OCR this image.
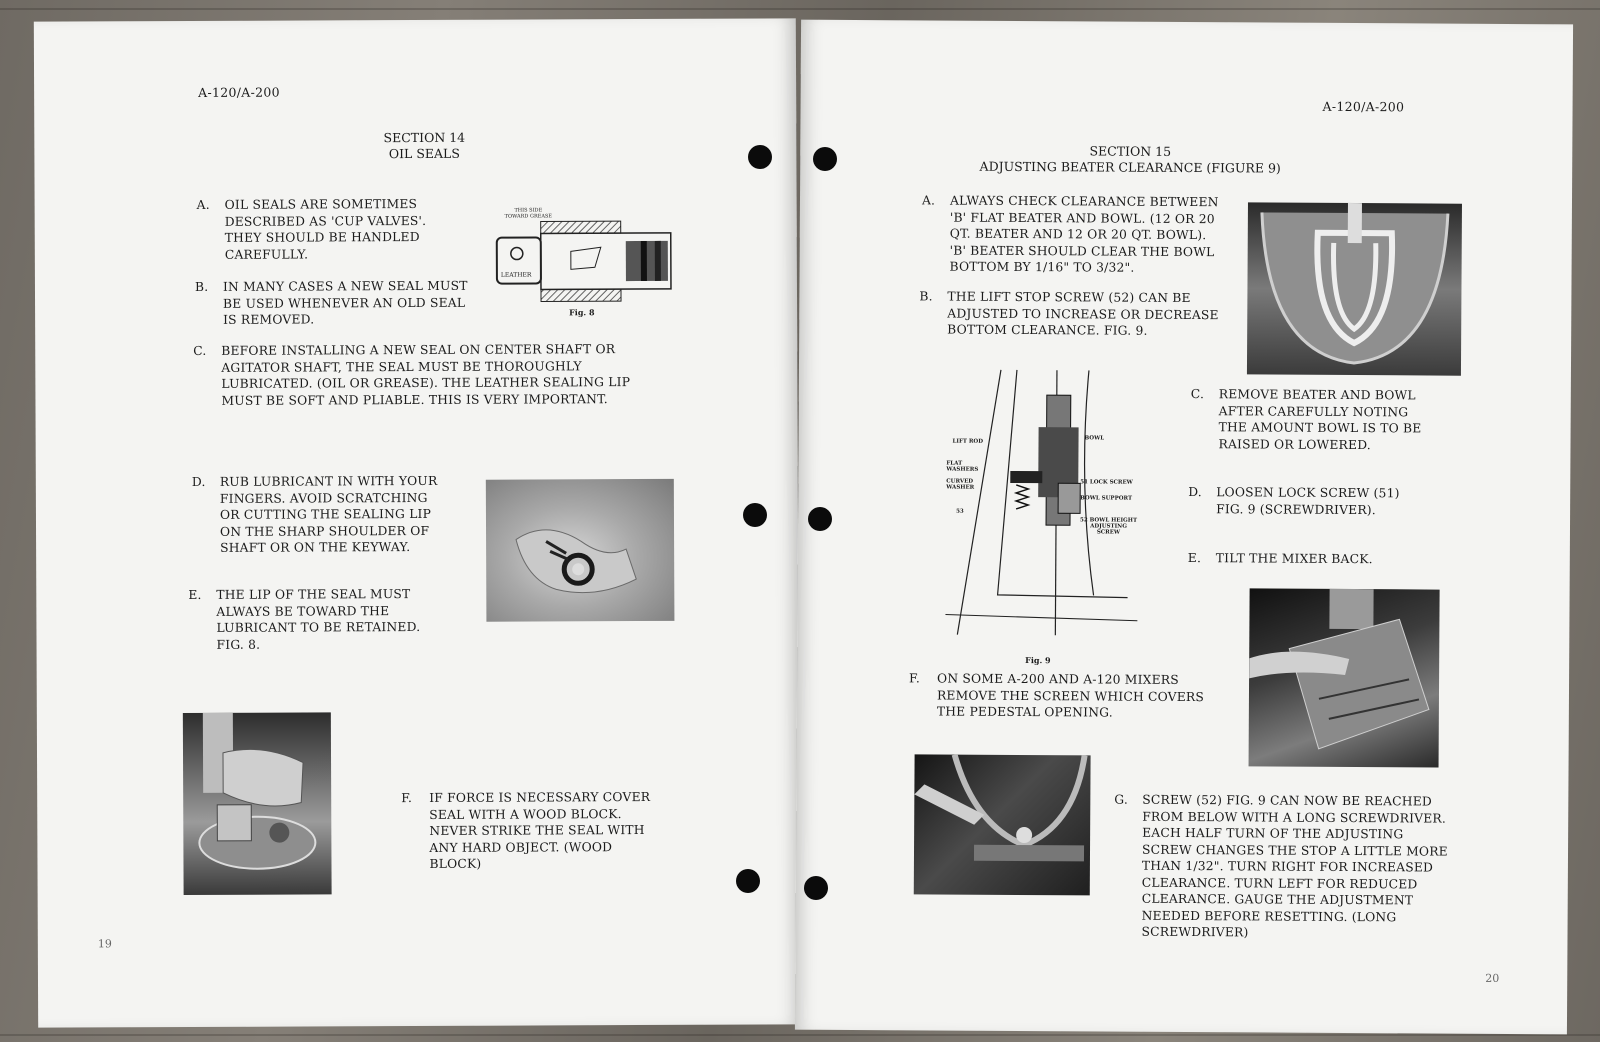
A-120/A-200
SECTION 14
OIL SEALS
A. OIL SEALS ARE SOMETIMES
DESCRIBED AS 'CUP VALVES'.
THEY SHOULD BE HANDLED
CAREFULLY.
B. IN MANY CASES A NEW SEAL MUST
BE USED WHENEVER AN OLD SEAL
IS REMOVED.
THIS SIDE
TOWARD GREASE
LEATHER
Fig. 8
C. BEFORE INSTALLING A NEW SEAL ON CENTER SHAFT OR
AGITATOR SHAFT, THE SEAL MUST BE THOROUGHLY
LUBRICATED. (OIL OR GREASE). THE LEATHER SEALING LIP
MUST BE SOFT AND PLIABLE. THIS IS VERY IMPORTANT.
D. RUB LUBRICANT IN WITH YOUR
FINGERS. AVOID SCRATCHING
OR CUTTING THE SEALING LIP
ON THE SHARP SHOULDER OF
SHAFT OR ON THE KEYWAY.
E. THE LIP OF THE SEAL MUST
ALWAYS BE TOWARD THE
LUBRICANT TO BE RETAINED.
FIG. 8.
F. IF FORCE IS NECESSARY COVER
SEAL WITH A WOOD BLOCK.
NEVER STRIKE THE SEAL WITH
ANY HARD OBJECT. (WOOD
BLOCK)
19
A-120/A-200
SECTION 15
ADJUSTING BEATER CLEARANCE (FIGURE 9)
A. ALWAYS CHECK CLEARANCE BETWEEN
'B' FLAT BEATER AND BOWL. (12 OR 20
QT. BEATER AND 12 OR 20 QT. BOWL).
'B' BEATER SHOULD CLEAR THE BOWL
BOTTOM BY 1/16" TO 3/32".
B. THE LIFT STOP SCREW (52) CAN BE
ADJUSTED TO INCREASE OR DECREASE
BOTTOM CLEARANCE. FIG. 9.
LIFT ROD
FLAT
WASHERS
CURVED
WASHER
53
BOWL
51 LOCK SCREW
BOWL SUPPORT
52 BOWL HEIGHT
ADJUSTING
SCREW
Fig. 9
C. REMOVE BEATER AND BOWL
AFTER CAREFULLY NOTING
THE AMOUNT BOWL IS TO BE
RAISED OR LOWERED.
D. LOOSEN LOCK SCREW (51)
FIG. 9 (SCREWDRIVER).
E. TILT THE MIXER BACK.
F. ON SOME A-200 AND A-120 MIXERS
REMOVE THE SCREEN WHICH COVERS
THE PEDESTAL OPENING.
G. SCREW (52) FIG. 9 CAN NOW BE REACHED
FROM BELOW WITH A LONG SCREWDRIVER.
EACH HALF TURN OF THE ADJUSTING
SCREW CHANGES THE STOP A LITTLE MORE
THAN 1/32". TURN RIGHT FOR INCREASED
CLEARANCE. TURN LEFT FOR REDUCED
CLEARANCE. GAUGE THE ADJUSTMENT
NEEDED BEFORE RESETTING. (LONG
SCREWDRIVER)
20
